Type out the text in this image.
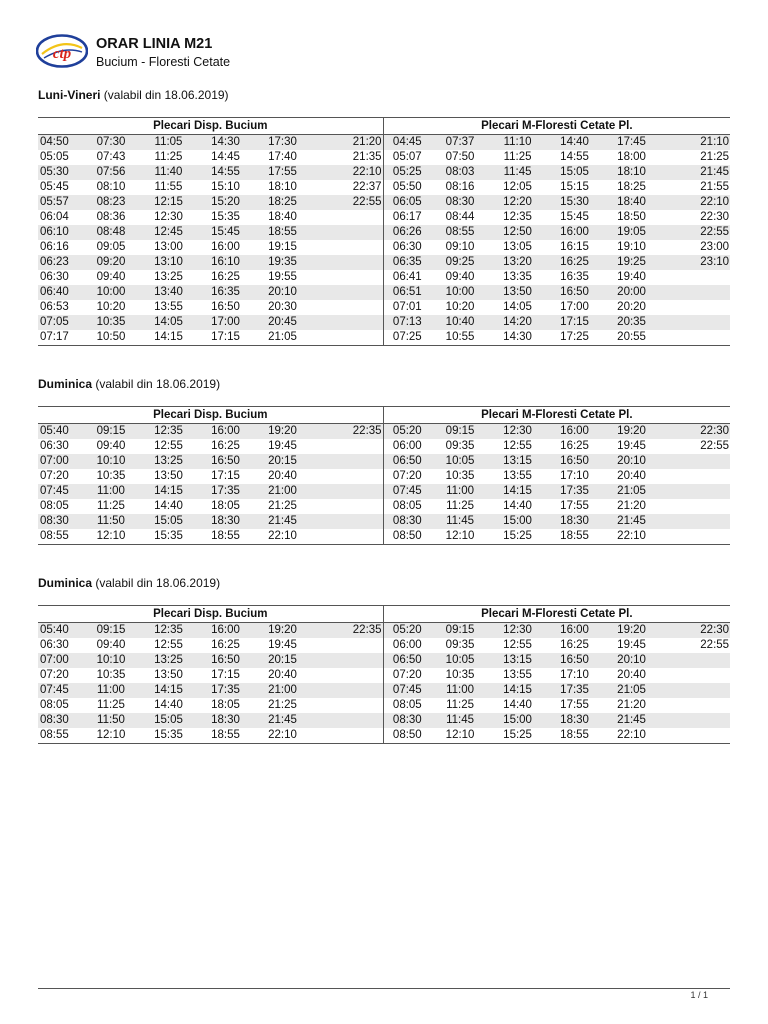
ctp
ORAR LINIA M21
Bucium - Floresti Cetate
Luni-Vineri (valabil din 18.06.2019)
Plecari Disp. Bucium						Plecari M-Floresti Cetate Pl.					
04:50	07:30	11:05	14:30	17:30	21:20	04:45	07:37	11:10	14:40	17:45	21:10
05:05	07:43	11:25	14:45	17:40	21:35	05:07	07:50	11:25	14:55	18:00	21:25
05:30	07:56	11:40	14:55	17:55	22:10	05:25	08:03	11:45	15:05	18:10	21:45
05:45	08:10	11:55	15:10	18:10	22:37	05:50	08:16	12:05	15:15	18:25	21:55
05:57	08:23	12:15	15:20	18:25	22:55	06:05	08:30	12:20	15:30	18:40	22:10
06:04	08:36	12:30	15:35	18:40		06:17	08:44	12:35	15:45	18:50	22:30
06:10	08:48	12:45	15:45	18:55		06:26	08:55	12:50	16:00	19:05	22:55
06:16	09:05	13:00	16:00	19:15		06:30	09:10	13:05	16:15	19:10	23:00
06:23	09:20	13:10	16:10	19:35		06:35	09:25	13:20	16:25	19:25	23:10
06:30	09:40	13:25	16:25	19:55		06:41	09:40	13:35	16:35	19:40	
06:40	10:00	13:40	16:35	20:10		06:51	10:00	13:50	16:50	20:00	
06:53	10:20	13:55	16:50	20:30		07:01	10:20	14:05	17:00	20:20	
07:05	10:35	14:05	17:00	20:45		07:13	10:40	14:20	17:15	20:35	
07:17	10:50	14:15	17:15	21:05		07:25	10:55	14:30	17:25	20:55	
Duminica (valabil din 18.06.2019)
Plecari Disp. Bucium						Plecari M-Floresti Cetate Pl.					
05:40	09:15	12:35	16:00	19:20	22:35	05:20	09:15	12:30	16:00	19:20	22:30
06:30	09:40	12:55	16:25	19:45		06:00	09:35	12:55	16:25	19:45	22:55
07:00	10:10	13:25	16:50	20:15		06:50	10:05	13:15	16:50	20:10	
07:20	10:35	13:50	17:15	20:40		07:20	10:35	13:55	17:10	20:40	
07:45	11:00	14:15	17:35	21:00		07:45	11:00	14:15	17:35	21:05	
08:05	11:25	14:40	18:05	21:25		08:05	11:25	14:40	17:55	21:20	
08:30	11:50	15:05	18:30	21:45		08:30	11:45	15:00	18:30	21:45	
08:55	12:10	15:35	18:55	22:10		08:50	12:10	15:25	18:55	22:10	
Duminica (valabil din 18.06.2019)
Plecari Disp. Bucium						Plecari M-Floresti Cetate Pl.					
05:40	09:15	12:35	16:00	19:20	22:35	05:20	09:15	12:30	16:00	19:20	22:30
06:30	09:40	12:55	16:25	19:45		06:00	09:35	12:55	16:25	19:45	22:55
07:00	10:10	13:25	16:50	20:15		06:50	10:05	13:15	16:50	20:10	
07:20	10:35	13:50	17:15	20:40		07:20	10:35	13:55	17:10	20:40	
07:45	11:00	14:15	17:35	21:00		07:45	11:00	14:15	17:35	21:05	
08:05	11:25	14:40	18:05	21:25		08:05	11:25	14:40	17:55	21:20	
08:30	11:50	15:05	18:30	21:45		08:30	11:45	15:00	18:30	21:45	
08:55	12:10	15:35	18:55	22:10		08:50	12:10	15:25	18:55	22:10	
1 / 1
